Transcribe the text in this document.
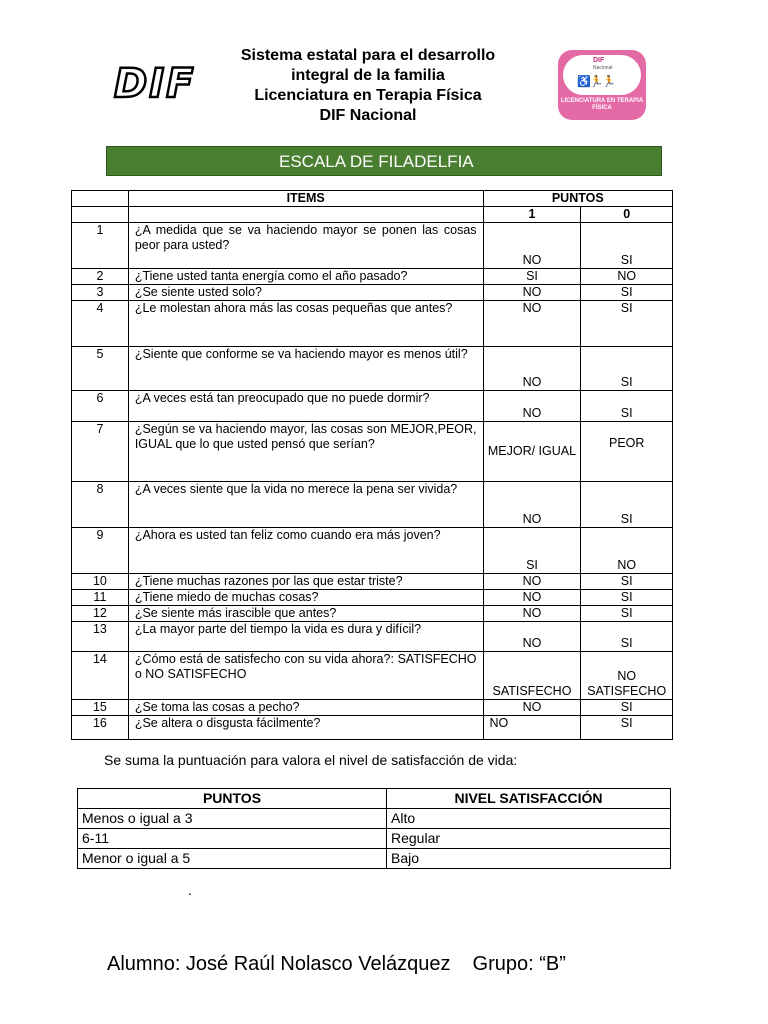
DIF
Sistema estatal para el desarrollo
integral de la familia
Licenciatura en Terapia Física
DIF Nacional
DIF
Nacional
♿🏃🏃
LICENCIATURA EN TERAPIA FÍSICA
ESCALA DE FILADELFIA
	ITEMS	PUNTOS	
		1	0
1	¿A medida que se va haciendo mayor se ponen las cosas peor para usted?	NO	SI
2	¿Tiene usted tanta energía como el año pasado?	SI	NO
3	¿Se siente usted solo?	NO	SI
4	¿Le molestan ahora más las cosas pequeñas que antes?	NO	SI
5	¿Siente que conforme se va haciendo mayor es menos útil?	NO	SI
6	¿A veces está tan preocupado que no puede dormir?	NO	SI
7	¿Según se va haciendo mayor, las cosas son MEJOR,PEOR, IGUAL que lo que usted pensó que serían?	MEJOR/ IGUAL	PEOR
8	¿A veces siente que la vida no merece la pena ser vivida?	NO	SI
9	¿Ahora es usted tan feliz como cuando era más joven?	SI	NO
10	¿Tiene muchas razones por las que estar triste?	NO	SI
11	¿Tiene miedo de muchas cosas?	NO	SI
12	¿Se siente más irascible que antes?	NO	SI
13	¿La mayor parte del tiempo la vida es dura y difícil?	NO	SI
14	¿Cómo está de satisfecho con su vida ahora?: SATISFECHO o NO SATISFECHO	SATISFECHO	NO SATISFECHO
15	¿Se toma las cosas a pecho?	NO	SI
16	¿Se altera o disgusta fácilmente?	NO	SI
Se suma la puntuación para valora el nivel de satisfacción de vida:
PUNTOS	NIVEL SATISFACCIÓN
Menos o igual a 3	Alto
6-11	Regular
Menor o igual a 5	Bajo
.
Alumno: José Raúl Nolasco Velázquez Grupo: “B”
